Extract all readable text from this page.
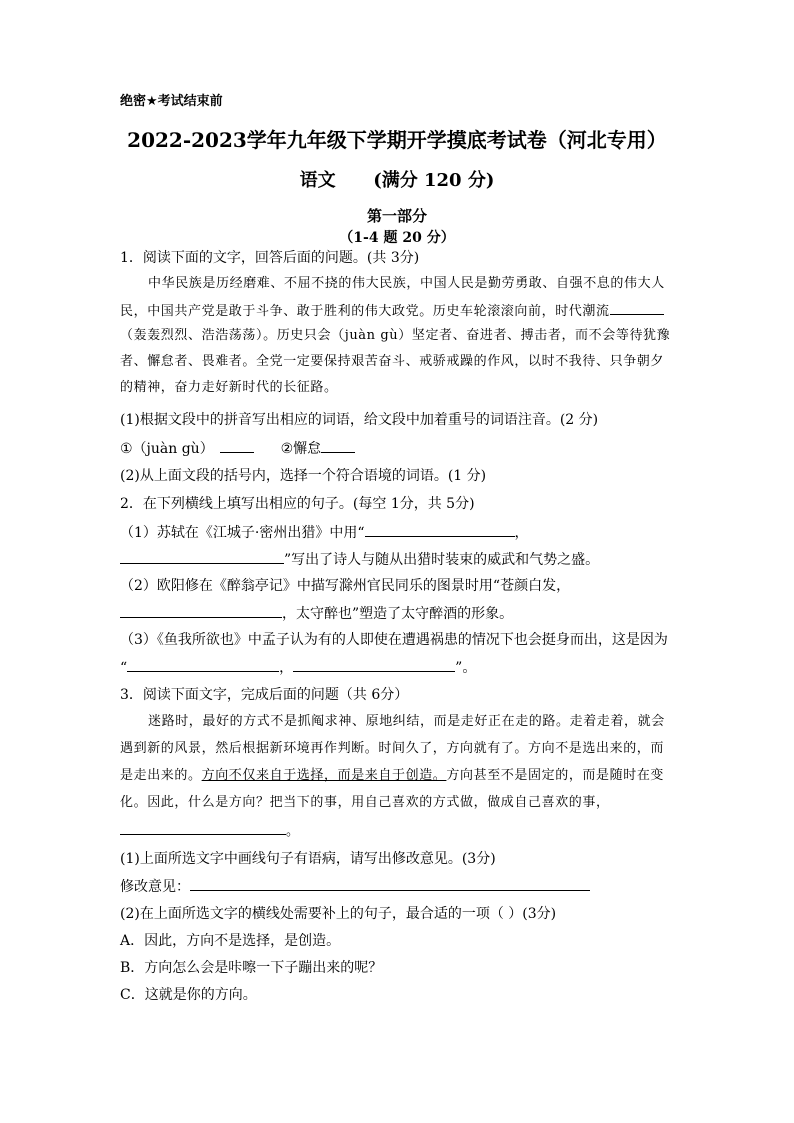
绝密★考试结束前
2022-2023学年九年级下学期开学摸底考试卷（河北专用）
语文      (满分 120 分)
第一部分
（1-4 题 20 分）
1．阅读下面的文字，回答后面的问题。(共 3分)
中华民族是历经磨难、不屈不挠的伟大民族，中国人民是勤劳勇敢、自强不息的伟大人
民，中国共产党是敢于斗争、敢于胜利的伟大政党。历史车轮滚滚向前，时代潮流
（轰轰烈烈、浩浩荡荡）。历史只会（juàn gù）坚定者、奋进者、搏击者，而不会等待犹豫
者、懈怠者、畏难者。全党一定要保持艰苦奋斗、戒骄戒躁的作风，以时不我待、只争朝夕
的精神，奋力走好新时代的长征路。
(1)根据文段中的拼音写出相应的词语，给文段中加着重号的词语注音。(2 分)
①（juàn gù）	②懈怠
(2)从上面文段的括号内，选择一个符合语境的词语。(1 分)
2．在下列横线上填写出相应的句子。(每空 1分，共 5分)
（1）苏轼在《江城子·密州出猎》中用“	，
”写出了诗人与随从出猎时装束的威武和气势之盛。
（2）欧阳修在《醉翁亭记》中描写滁州官民同乐的图景时用“苍颜白发，
，太守醉也”塑造了太守醉酒的形象。
（3）《鱼我所欲也》中孟子认为有的人即使在遭遇祸患的情况下也会挺身而出，这是因为
“	，	”。
3．阅读下面文字，完成后面的问题（共 6分）
迷路时，最好的方式不是抓阄求神、原地纠结，而是走好正在走的路。走着走着，就会
遇到新的风景，然后根据新环境再作判断。时间久了，方向就有了。方向不是选出来的，而
是走出来的。方向不仅来自于选择，而是来自于创造。方向甚至不是固定的，而是随时在变
化。因此，什么是方向？把当下的事，用自己喜欢的方式做，做成自己喜欢的事，
。
(1)上面所选文字中画线句子有语病，请写出修改意见。(3分)
修改意见：
(2)在上面所选文字的横线处需要补上的句子，最合适的一项（ ）(3分)
A．因此，方向不是选择，是创造。
B．方向怎么会是咔嚓一下子蹦出来的呢？
C．这就是你的方向。
